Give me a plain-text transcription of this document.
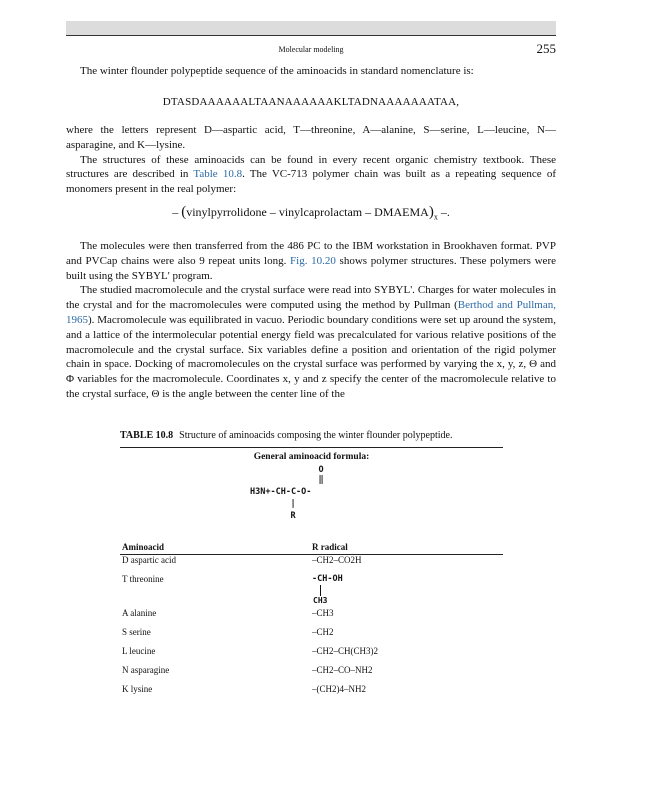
Molecular modeling	255

The winter flounder polypeptide sequence of the aminoacids in standard nomenclature is:

DTASDAAAAAALTAANAAAAAAKLTADNAAAAAAATAA,

where the letters represent D—aspartic acid, T—threonine, A—alanine, S—serine, L—leucine, N—asparagine, and K—lysine.

The structures of these aminoacids can be found in every recent organic chemistry textbook. These structures are described in Table 10.8. The VC-713 polymer chain was built as a repeating sequence of monomers present in the real polymer:

– (vinylpyrrolidone – vinylcaprolactam – $DMAEMA)_x$ –.

The molecules were then transferred from the 486 PC to the IBM workstation in Brookhaven format. PVP and PVCap chains were also 9 repeat units long. Fig. 10.20 shows polymer structures. These polymers were built using the SYBYL' program.

The studied macromolecule and the crystal surface were read into SYBYL'. Charges for water molecules in the crystal and for the macromolecules were computed using the method by Pullman (Berthod and Pullman, 1965). Macromolecule was equilibrated in vacuo. Periodic boundary conditions were set up around the system, and a lattice of the intermolecular potential energy field was precalculated for various relative positions of the macromolecule and the crystal surface. Six variables define a position and orientation of the rigid polymer chain in space. Docking of macromolecules on the crystal surface was performed by varying the x, y, z, Θ and Φ variables for the macromolecule. Coordinates x, y and z specify the center of the macromolecule relative to the crystal surface, Θ is the angle between the center line of the

TABLE 10.8 Structure of aminoacids composing the winter flounder polypeptide.

General aminoacid formula:
O
‖
H3N+-CH-C-O-
|
R
Aminoacid	R radical
D aspartic acid	–CH2–CO2H
T threonine	-CH-OH
CH3

A alanine	–CH3
S serine	–CH2
L leucine	–CH2–CH(CH3)2
N asparagine	–CH2–CO–NH2
K lysine	–(CH2)4–NH2
